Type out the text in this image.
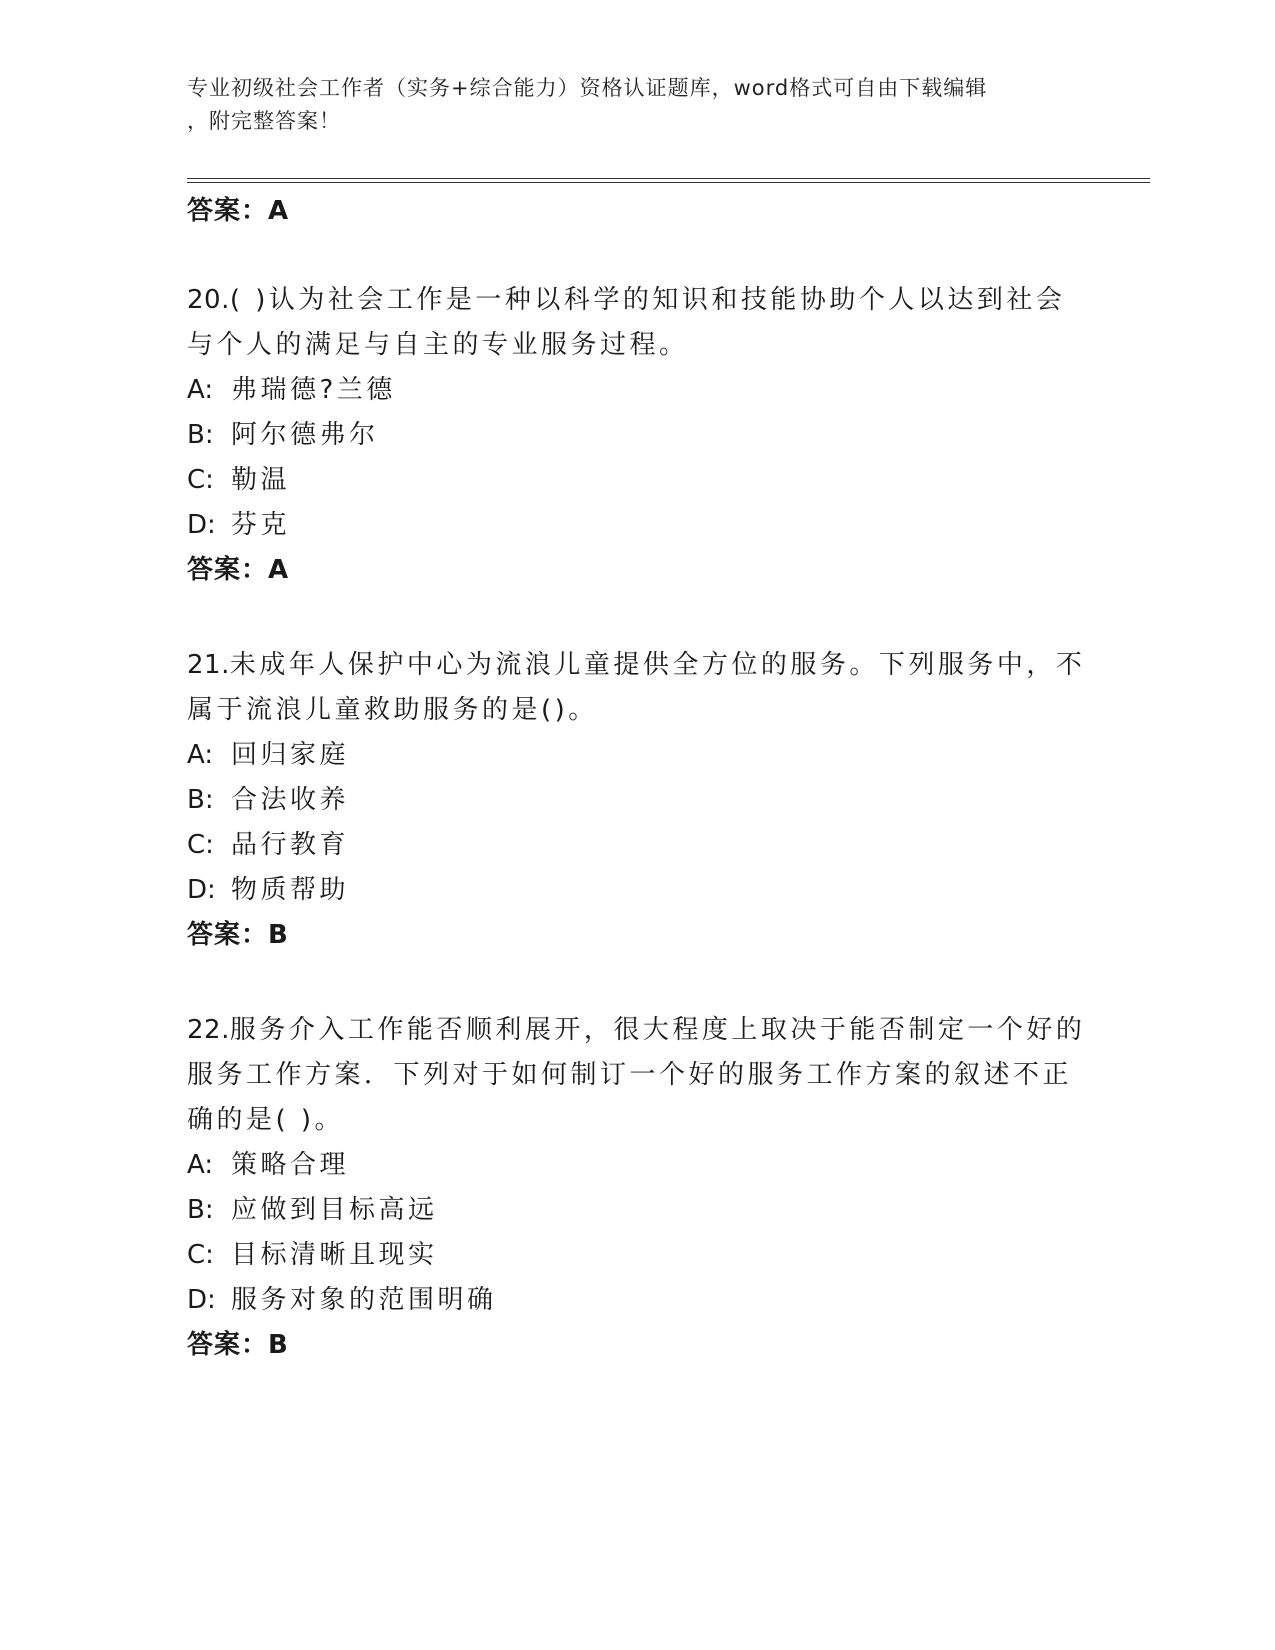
专业初级社会工作者（实务+综合能力）资格认证题库，word格式可自由下载编辑
，附完整答案！
答案：A
20.( )认为社会工作是一种以科学的知识和技能协助个人以达到社会与个人的满足与自主的专业服务过程。
A: 弗瑞德?兰德
B: 阿尔德弗尔
C: 勒温
D: 芬克
答案：A
21.未成年人保护中心为流浪儿童提供全方位的服务。下列服务中，不属于流浪儿童救助服务的是()。
A: 回归家庭
B: 合法收养
C: 品行教育
D: 物质帮助
答案：B
22.服务介入工作能否顺利展开，很大程度上取决于能否制定一个好的服务工作方案．下列对于如何制订一个好的服务工作方案的叙述不正确的是( )。
A: 策略合理
B: 应做到目标高远
C: 目标清晰且现实
D: 服务对象的范围明确
答案：B
